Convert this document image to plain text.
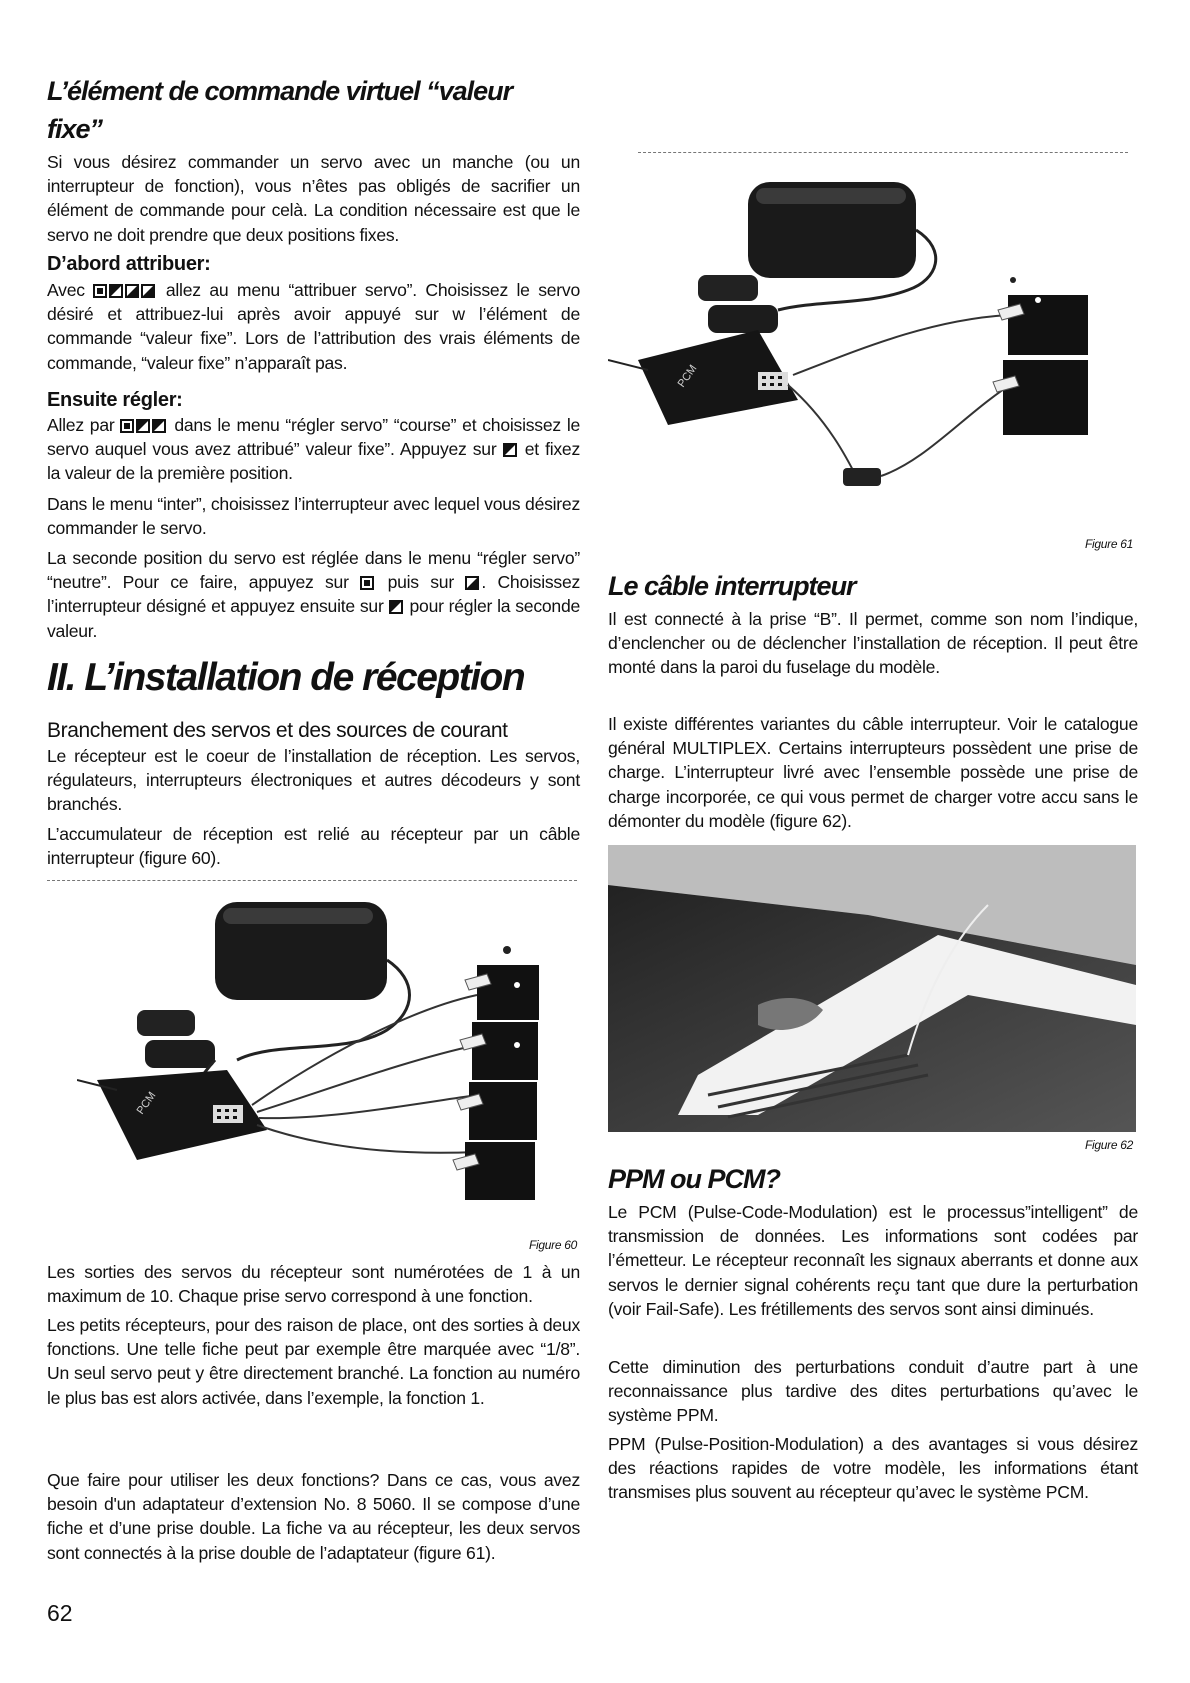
L’élément de commande virtuel “valeur fixe”

Si vous désirez commander un servo avec un manche (ou un interrupteur de fonction), vous n’êtes pas obligés de sacrifier un élément de commande pour celà. La condition nécessaire est que le servo ne doit prendre que deux positions fixes.

D’abord attribuer:

Avec	allez au menu “attribuer servo”. Choisissez le servo désiré et attribuez-lui après avoir appuyé sur w l’élément de commande “valeur fixe”. Lors de l’attribution des vrais éléments de commande, “valeur fixe” n’apparaît pas.

Ensuite régler:

Allez par	dans le menu “régler servo” “course” et choisissez le servo auquel vous avez attribué” valeur fixe”. Appuyez sur et fixez la valeur de la première position.

Dans le menu “inter”, choisissez l’interrupteur avec lequel vous désirez commander le servo.

La seconde position du servo est réglée dans le menu “régler servo” “neutre”. Pour ce faire, appuyez sur puis sur . Choisissez l’interrupteur désigné et appuyez ensuite sur pour régler la seconde valeur.

II. L’installation de réception
Branchement des servos et des sources de courant

Le récepteur est le coeur de l’installation de réception. Les servos, régulateurs, interrupteurs électroniques et autres décodeurs y sont branchés.

L’accumulateur de réception est relié au récepteur par un câble interrupteur (figure 60).

PCM
Figure 60

Les sorties des servos du récepteur sont numérotées de 1 à un maximum de 10. Chaque prise servo correspond à une fonction.

Les petits récepteurs, pour des raison de place, ont des sorties à deux fonctions. Une telle fiche peut par exemple être marquée avec “1/8”. Un seul servo peut y être directement branché. La fonction au numéro le plus bas est alors activée, dans l’exemple, la fonction 1.

Que faire pour utiliser les deux fonctions? Dans ce cas, vous avez besoin d'un adaptateur d’extension No. 8 5060. Il se compose d’une fiche et d’une prise double. La fiche va au récepteur, les deux servos sont connectés à la prise double de l’adaptateur (figure 61).

62
PCM
Figure 61
Le câble interrupteur

Il est connecté à la prise “B”. Il permet, comme son nom l’indique, d’enclencher ou de déclencher l’installation de réception. Il peut être monté dans la paroi du fuselage du modèle.

Il existe différentes variantes du câble interrupteur. Voir le catalogue général MULTIPLEX. Certains interrupteurs possèdent une prise de charge. L’interrupteur livré avec l’ensemble possède une prise de charge incorporée, ce qui vous permet de charger votre accu sans le démonter du modèle (figure 62).

Figure 62
PPM ou PCM?

Le PCM (Pulse-Code-Modulation) est le processus”intelligent” de transmission de données. Les informations sont codées par l’émetteur. Le récepteur reconnaît les signaux aberrants et donne aux servos le dernier signal cohérents reçu tant que dure la perturbation (voir Fail-Safe). Les frétillements des servos sont ainsi diminués.

Cette diminution des perturbations conduit d’autre part à une reconnaissance plus tardive des dites perturbations qu’avec le système PPM.

PPM (Pulse-Position-Modulation) a des avantages si vous désirez des réactions rapides de votre modèle, les informations étant transmises plus souvent au récepteur qu’avec le système PCM.
